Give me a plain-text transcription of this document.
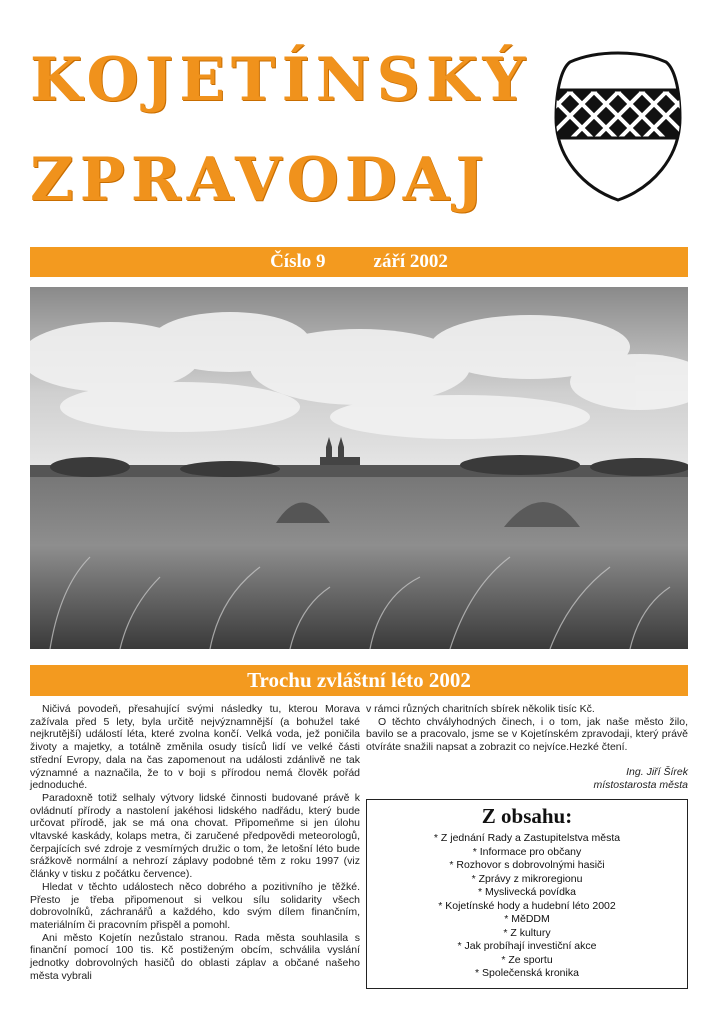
KOJETÍNSKÝ
ZPRAVODAJ
Číslo 9	září 2002
Trochu zvláštní léto 2002

Ničivá povodeň, přesahující svými následky tu, kterou Morava zažívala před 5 lety, byla určitě nejvýznamnější (a bohužel také nejkrutější) událostí léta, které zvolna končí. Velká voda, jež poničila životy a majetky, a totálně změnila osudy tisíců lidí ve velké části střední Evropy, dala na čas zapomenout na události zdánlivě ne tak významné a naznačila, že to v boji s přírodou nemá člověk pořád jednoduché.

Paradoxně totiž selhaly výtvory lidské činnosti budované právě k ovládnutí přírody a nastolení jakéhosi lidského nadřádu, který bude určovat přírodě, jak se má ona chovat. Připomeňme si jen úlohu vltavské kaskády, kolaps metra, či zaručené předpovědi meteorologů, čerpajících své zdroje z vesmírných družic o tom, že letošní léto bude srážkově normální a nehrozí záplavy podobné těm z roku 1997 (viz články v tisku z počátku července).

Hledat v těchto událostech něco dobrého a pozitivního je těžké. Přesto je třeba připomenout si velkou sílu solidarity všech dobrovolníků, záchranářů a každého, kdo svým dílem finančním, materiálním či pracovním přispěl a pomohl.

Ani město Kojetín nezůstalo stranou. Rada města souhlasila s finanční pomocí 100 tis. Kč postiženým obcím, schválila vyslání jednotky dobrovolných hasičů do oblasti záplav a občané našeho města vybrali

v rámci různých charitních sbírek několik tisíc Kč.

O těchto chvályhodných činech, i o tom, jak naše město žilo, bavilo se a pracovalo, jsme se v Kojetínském zpravodaji, který právě otvíráte snažili napsat a zobrazit co nejvíce.Hezké čtení.

Ing. Jiří Šírek
místostarosta města
Z obsahu:
* Z jednání Rady a Zastupitelstva města
* Informace pro občany
* Rozhovor s dobrovolnými hasiči
* Zprávy z mikroregionu
* Myslivecká povídka
* Kojetínské hody a hudební léto 2002
* MěDDM
* Z kultury
* Jak probíhají investiční akce
* Ze sportu
* Společenská kronika
